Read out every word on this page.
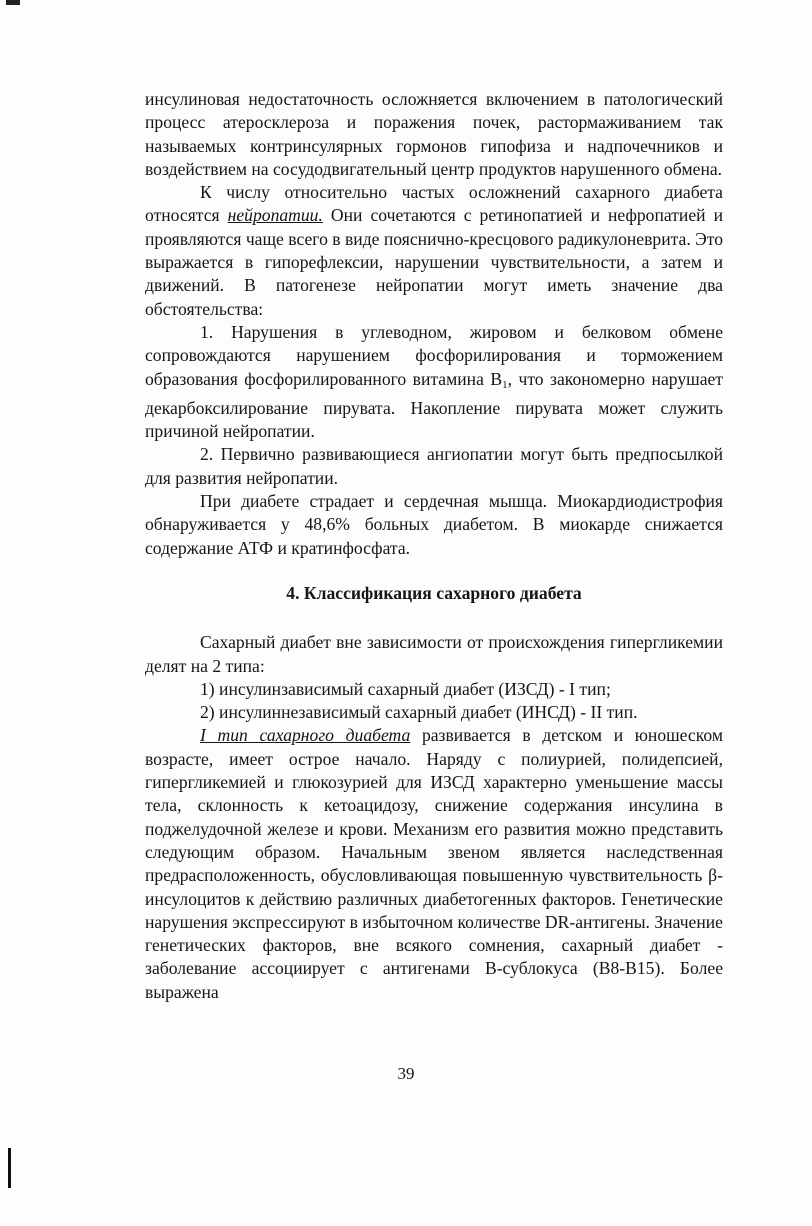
инсулиновая недостаточность осложняется включением в патологический процесс атеросклероза и поражения почек, растормаживанием так называемых контринсулярных гормонов гипофиза и надпочечников и воздействием на сосудодвигательный центр продуктов нарушенного обмена.

К числу относительно частых осложнений сахарного диабета относятся нейропатии. Они сочетаются с ретинопатией и нефропатией и проявляются чаще всего в виде пояснично-кресцового радикулоневрита. Это выражается в гипорефлексии, нарушении чувствительности, а затем и движений. В патогенезе нейропатии могут иметь значение два обстоятельства:

1. Нарушения в углеводном, жировом и белковом обмене сопровождаются нарушением фосфорилирования и торможением образования фосфорилированного витамина $В_1$, что закономерно нарушает декарбоксилирование пирувата. Накопление пирувата может служить причиной нейропатии.

2. Первично развивающиеся ангиопатии могут быть предпосылкой для развития нейропатии.

При диабете страдает и сердечная мышца. Миокардиодистрофия обнаруживается у 48,6% больных диабетом. В миокарде снижается содержание АТФ и кратинфосфата.

4. Классификация сахарного диабета

Сахарный диабет вне зависимости от происхождения гипергликемии делят на 2 типа:

1) инсулинзависимый сахарный диабет (ИЗСД) - I тип;

2) инсулиннезависимый сахарный диабет (ИНСД) - II тип.

I тип сахарного диабета развивается в детском и юношеском возрасте, имеет острое начало. Наряду с полиурией, полидепсией, гипергликемией и глюкозурией для ИЗСД характерно уменьшение массы тела, склонность к кетоацидозу, снижение содержания инсулина в поджелудочной железе и крови. Механизм его развития можно представить следующим образом. Начальным звеном является наследственная предрасположенность, обусловливающая повышенную чувствительность β-инсулоцитов к действию различных диабетогенных факторов. Генетические нарушения экспрессируют в избыточном количестве DR-антигены. Значение генетических факторов, вне всякого сомнения, сахарный диабет - заболевание ассоциирует с антигенами В-сублокуса (В8-В15). Более выражена

39
